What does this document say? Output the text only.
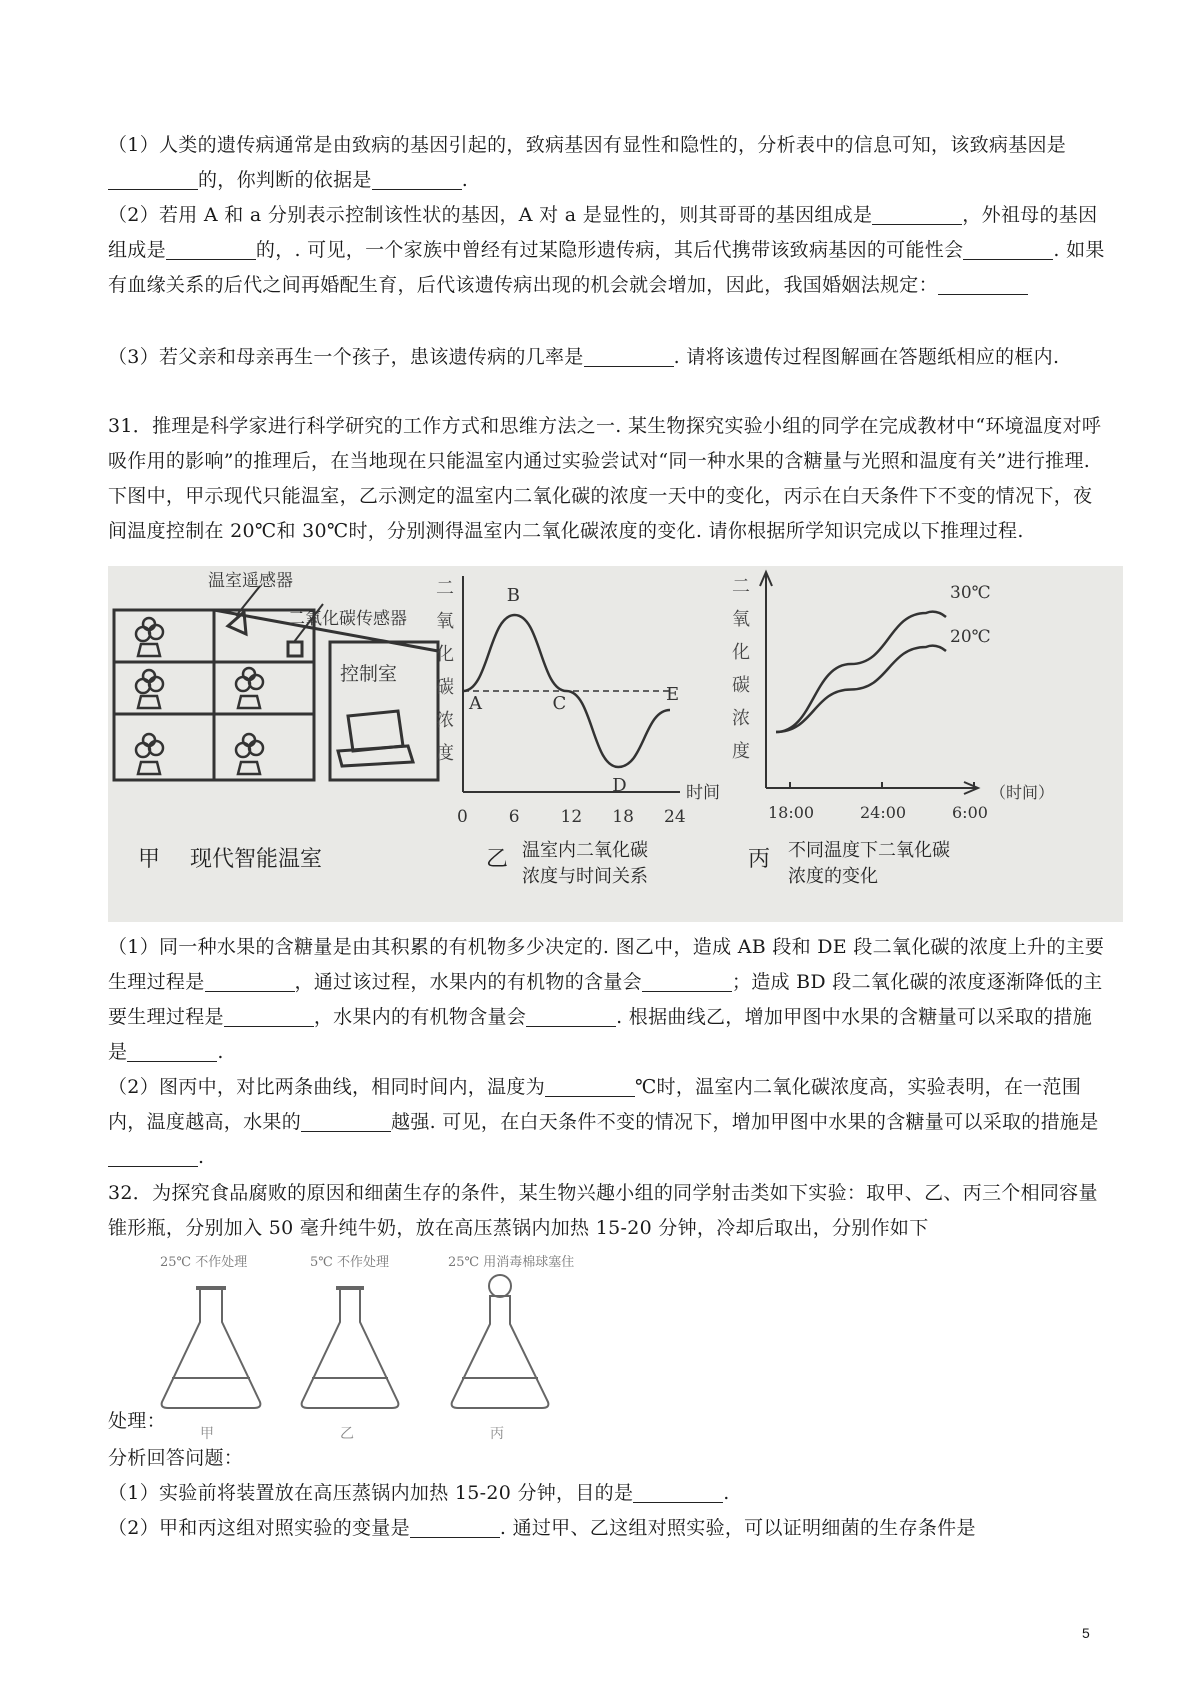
（1）人类的遗传病通常是由致病的基因引起的，致病基因有显性和隐性的，分析表中的信息可知，该致病基因是的，你判断的依据是	.

（2）若用 A 和 a 分别表示控制该性状的基因，A 对 a 是显性的，则其哥哥的基因组成是	，外祖母的基因组成是	的，. 可见，一个家族中曾经有过某隐形遗传病，其后代携带该致病基因的可能性会	. 如果有血缘关系的后代之间再婚配生育，后代该遗传病出现的机会就会增加，因此，我国婚姻法规定：

（3）若父亲和母亲再生一个孩子，患该遗传病的几率是	. 请将该遗传过程图解画在答题纸相应的框内.

31．推理是科学家进行科学研究的工作方式和思维方法之一. 某生物探究实验小组的同学在完成教材中“环境温度对呼吸作用的影响”的推理后，在当地现在只能温室内通过实验尝试对“同一种水果的含糖量与光照和温度有关”进行推理. 下图中，甲示现代只能温室，乙示测定的温室内二氧化碳的浓度一天中的变化，丙示在白天条件下不变的情况下，夜间温度控制在 20℃和 30℃时，分别测得温室内二氧化碳浓度的变化. 请你根据所学知识完成以下推理过程.

温室遥感器
二氧化碳传感器
控制室
甲 现代智能温室
二
氧
化
碳
浓
度
A
B
C
D
E
0 6 12 18 24
时间
乙 温室内二氧化碳
浓度与时间关系
二
氧
化
碳
浓
度
30℃
20℃
18:00	24:00	6:00
（时间）
丙 不同温度下二氧化碳
浓度的变化

（1）同一种水果的含糖量是由其积累的有机物多少决定的. 图乙中，造成 AB 段和 DE 段二氧化碳的浓度上升的主要生理过程是	，通过该过程，水果内的有机物的含量会	；造成 BD 段二氧化碳的浓度逐渐降低的主要生理过程是	，水果内的有机物含量会	. 根据曲线乙，增加甲图中水果的含糖量可以采取的措施是	.

（2）图丙中，对比两条曲线，相同时间内，温度为	℃时，温室内二氧化碳浓度高，实验表明，在一范围内，温度越高，水果的	越强. 可见，在白天条件不变的情况下，增加甲图中水果的含糖量可以采取的措施是.

32．为探究食品腐败的原因和细菌生存的条件，某生物兴趣小组的同学射击类如下实验：取甲、乙、丙三个相同容量锥形瓶，分别加入 50 毫升纯牛奶，放在高压蒸锅内加热 15-20 分钟，冷却后取出，分别作如下

25℃ 不作处理
甲
5℃ 不作处理
乙
25℃ 用消毒棉球塞住
丙

处理：

分析回答问题：

（1）实验前将装置放在高压蒸锅内加热 15-20 分钟，目的是	.

（2）甲和丙这组对照实验的变量是	. 通过甲、乙这组对照实验，可以证明细菌的生存条件是

5
